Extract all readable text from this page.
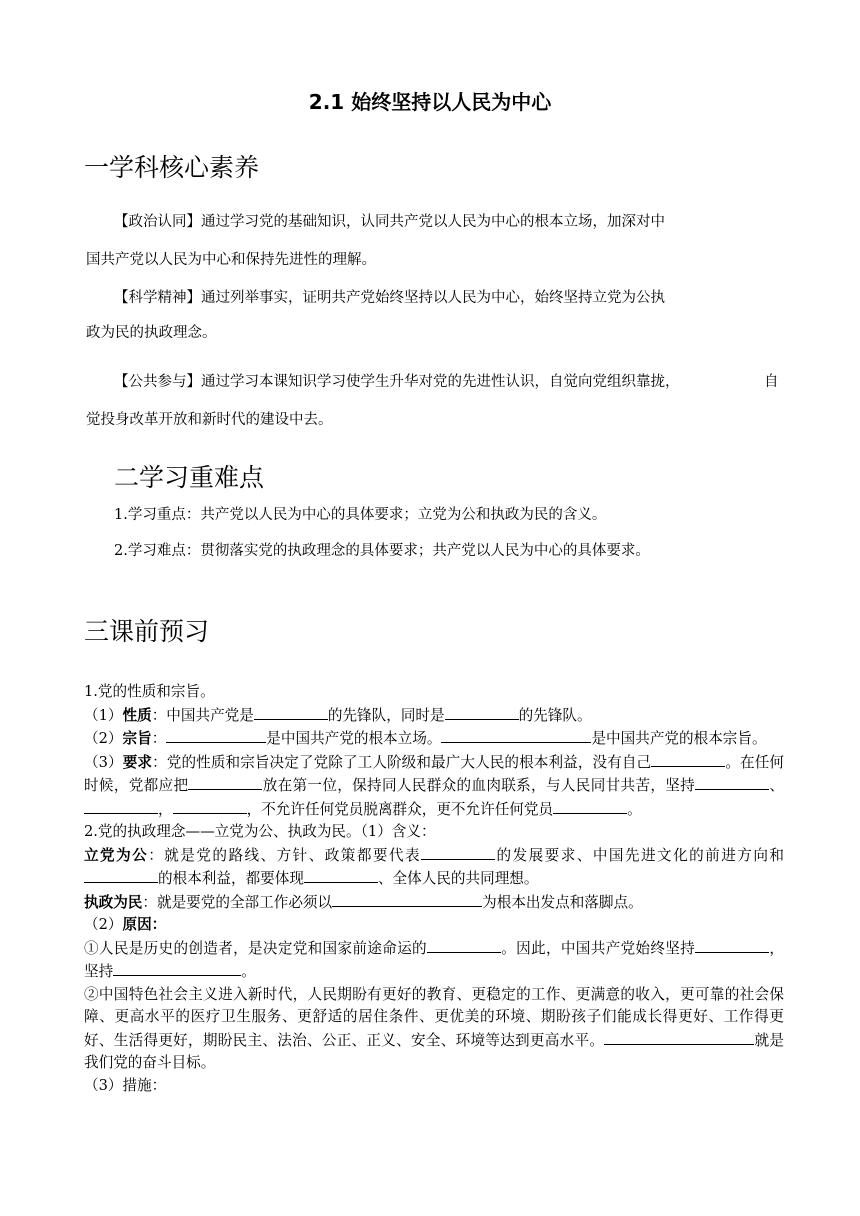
2.1 始终坚持以人民为中心
一学科核心素养
【政治认同】通过学习党的基础知识，认同共产党以人民为中心的根本立场，加深对中
国共产党以人民为中心和保持先进性的理解。
【科学精神】通过列举事实，证明共产党始终坚持以人民为中心，始终坚持立党为公执
政为民的执政理念。
【公共参与】通过学习本课知识学习使学生升华对党的先进性认识，自觉向党组织靠拢，	自
觉投身改革开放和新时代的建设中去。
二学习重难点
1.学习重点：共产党以人民为中心的具体要求；立党为公和执政为民的含义。
2.学习难点：贯彻落实党的执政理念的具体要求；共产党以人民为中心的具体要求。
三课前预习

1.党的性质和宗旨。

（1）性质：中国共产党是	的先锋队，同时是	的先锋队。

（2）宗旨：	是中国共产党的根本立场。	是中国共产党的根本宗旨。

（3）要求：党的性质和宗旨决定了党除了工人阶级和最广大人民的根本利益，没有自己	。在任何时候，党都应把	放在第一位，保持同人民群众的血肉联系，与人民同甘共苦，坚持	、，	，不允许任何党员脱离群众，更不允许任何党员	。

2.党的执政理念——立党为公、执政为民。（1）含义：

立党为公：就是党的路线、方针、政策都要代表	的发展要求、中国先进文化的前进方向和的根本利益，都要体现	、全体人民的共同理想。

执政为民：就是要党的全部工作必须以	为根本出发点和落脚点。

（2）原因：

①人民是历史的创造者，是决定党和国家前途命运的	。因此，中国共产党始终坚持	，坚持	。

②中国特色社会主义进入新时代，人民期盼有更好的教育、更稳定的工作、更满意的收入，更可靠的社会保障、更高水平的医疗卫生服务、更舒适的居住条件、更优美的环境、期盼孩子们能成长得更好、工作得更好、生活得更好，期盼民主、法治、公正、正义、安全、环境等达到更高水平。	就是我们党的奋斗目标。

（3）措施：
